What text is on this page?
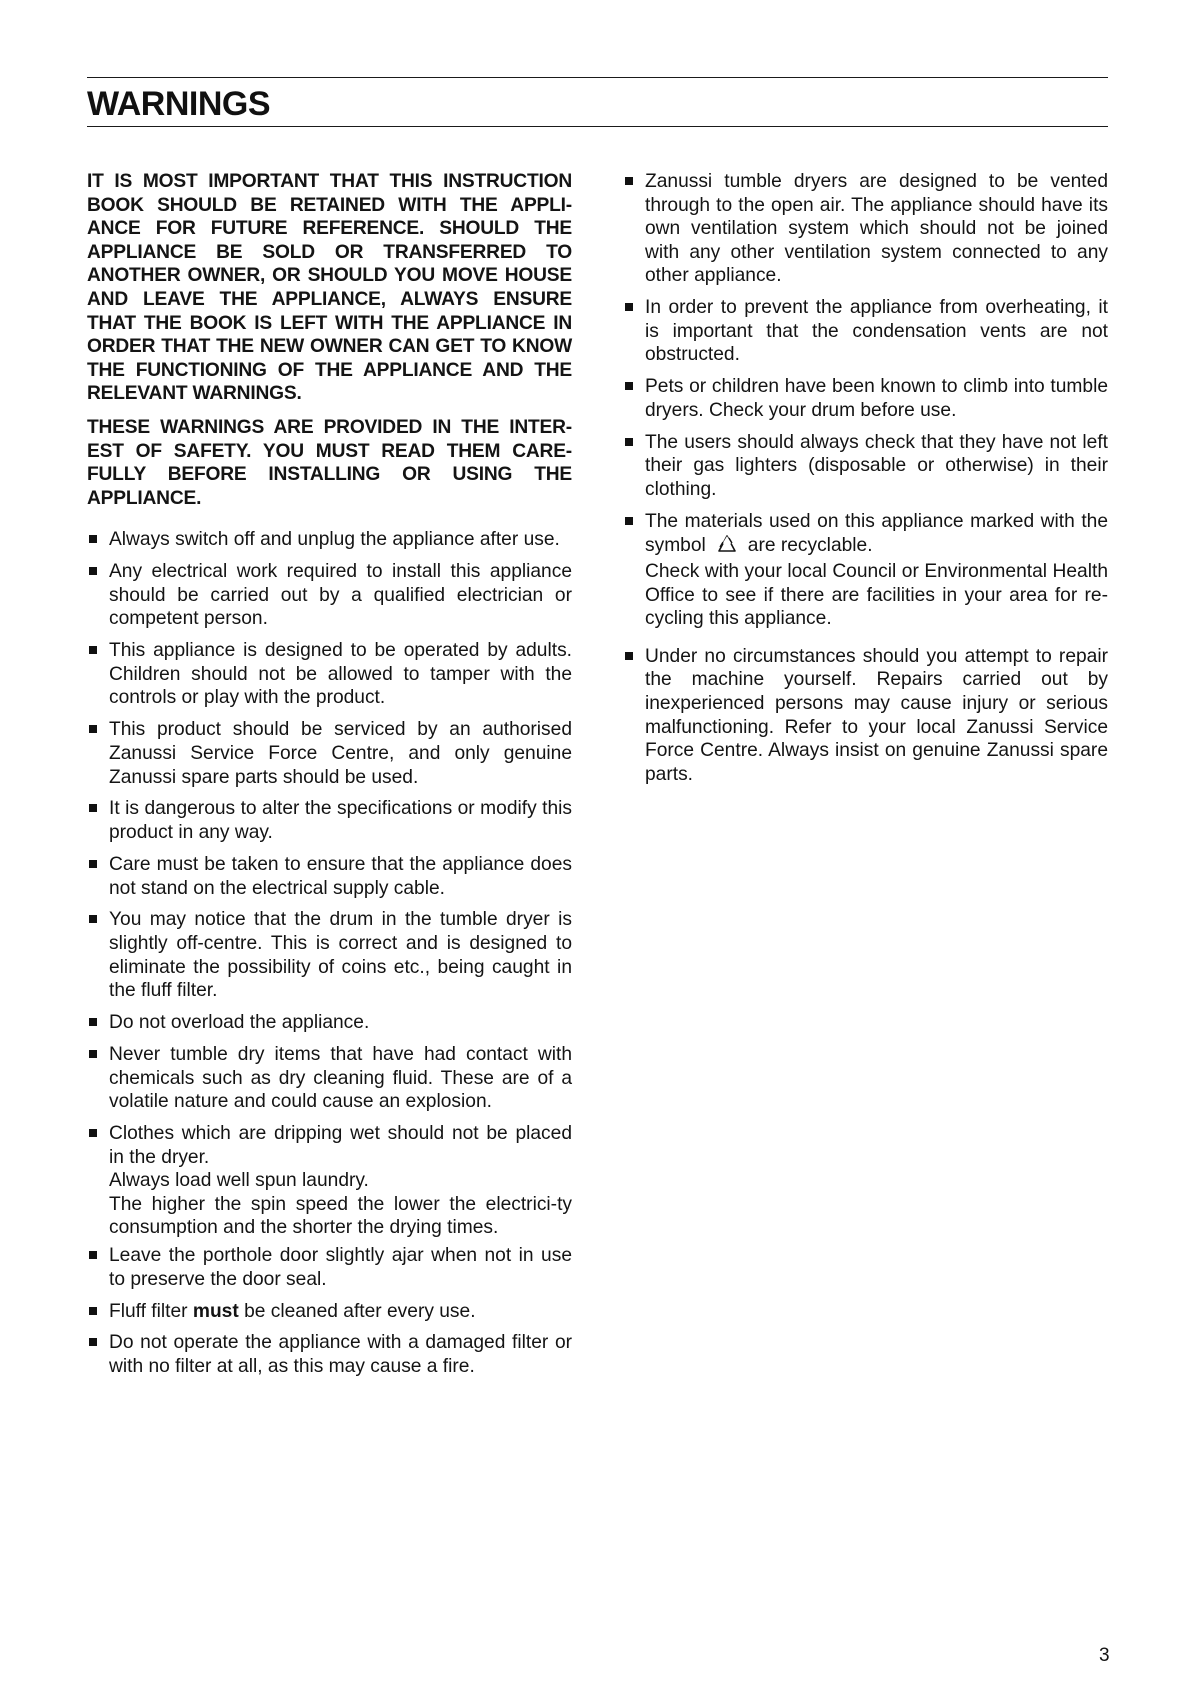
WARNINGS

IT IS MOST IMPORTANT THAT THIS INSTRUCTION BOOK SHOULD BE RETAINED WITH THE APPLI-ANCE FOR FUTURE REFERENCE. SHOULD THE APPLIANCE BE SOLD OR TRANSFERRED TO ANOTHER OWNER, OR SHOULD YOU MOVE HOUSE AND LEAVE THE APPLIANCE, ALWAYS ENSURE THAT THE BOOK IS LEFT WITH THE APPLIANCE IN ORDER THAT THE NEW OWNER CAN GET TO KNOW THE FUNCTIONING OF THE APPLIANCE AND THE RELEVANT WARNINGS.

THESE WARNINGS ARE PROVIDED IN THE INTER-EST OF SAFETY. YOU MUST READ THEM CARE-FULLY BEFORE INSTALLING OR USING THE APPLIANCE.

Always switch off and unplug the appliance after use.
Any electrical work required to install this appliance should be carried out by a qualified electrician or competent person.
This appliance is designed to be operated by adults. Children should not be allowed to tamper with the controls or play with the product.
This product should be serviced by an authorised Zanussi Service Force Centre, and only genuine Zanussi spare parts should be used.
It is dangerous to alter the specifications or modify this product in any way.
Care must be taken to ensure that the appliance does not stand on the electrical supply cable.
You may notice that the drum in the tumble dryer is slightly off-centre. This is correct and is designed to eliminate the possibility of coins etc., being caught in the fluff filter.
Do not overload the appliance.
Never tumble dry items that have had contact with chemicals such as dry cleaning fluid. These are of a volatile nature and could cause an explosion.
Clothes which are dripping wet should not be placed in the dryer.
Always load well spun laundry.
The higher the spin speed the lower the electrici-ty consumption and the shorter the drying times.
Leave the porthole door slightly ajar when not in use to preserve the door seal.
Fluff filter must be cleaned after every use.
Do not operate the appliance with a damaged filter or with no filter at all, as this may cause a fire.
Zanussi tumble dryers are designed to be vented through to the open air. The appliance should have its own ventilation system which should not be joined with any other ventilation system connected to any other appliance.
In order to prevent the appliance from overheating, it is important that the condensation vents are not obstructed.
Pets or children have been known to climb into tumble dryers. Check your drum before use.
The users should always check that they have not left their gas lighters (disposable or otherwise) in their clothing.
The materials used on this appliance marked with the symbol are recyclable.
Check with your local Council or Environmental Health Office to see if there are facilities in your area for re-cycling this appliance.
Under no circumstances should you attempt to repair the machine yourself. Repairs carried out by inexperienced persons may cause injury or serious malfunctioning. Refer to your local Zanussi Service Force Centre. Always insist on genuine Zanussi spare parts.
3
